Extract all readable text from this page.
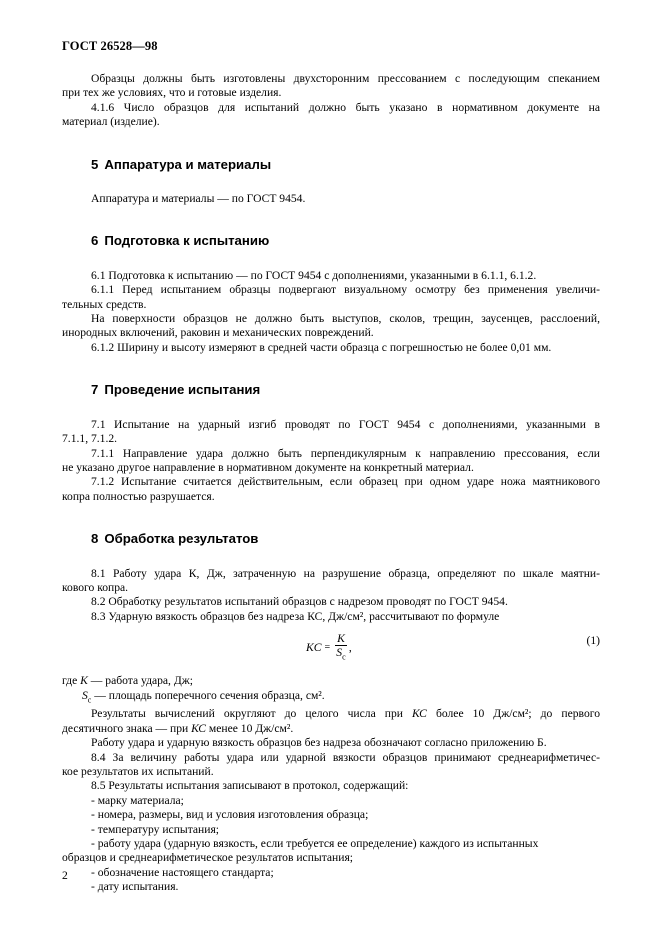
ГОСТ 26528—98

Образцы должны быть изготовлены двухсторонним прессованием с последующим спеканием

при тех же условиях, что и готовые изделия.

4.1.6 Число образцов для испытаний должно быть указано в нормативном документе на

материал (изделие).

5 Аппаратура и материалы

Аппаратура и материалы — по ГОСТ 9454.

6 Подготовка к испытанию

6.1 Подготовка к испытанию — по ГОСТ 9454 с дополнениями, указанными в 6.1.1, 6.1.2.

6.1.1 Перед испытанием образцы подвергают визуальному осмотру без применения увеличи-

тельных средств.

На поверхности образцов не должно быть выступов, сколов, трещин, заусенцев, расслоений,

инородных включений, раковин и механических повреждений.

6.1.2 Ширину и высоту измеряют в средней части образца с погрешностью не более 0,01 мм.

7 Проведение испытания

7.1 Испытание на ударный изгиб проводят по ГОСТ 9454 с дополнениями, указанными в

7.1.1, 7.1.2.

7.1.1 Направление удара должно быть перпендикулярным к направлению прессования, если

не указано другое направление в нормативном документе на конкретный материал.

7.1.2 Испытание считается действительным, если образец при одном ударе ножа маятникового

копра полностью разрушается.

8 Обработка результатов

8.1 Работу удара К, Дж, затраченную на разрушение образца, определяют по шкале маятни-

кового копра.

8.2 Обработку результатов испытаний образцов с надрезом проводят по ГОСТ 9454.

8.3 Ударную вязкость образцов без надреза КС, Дж/см², рассчитывают по формуле

KC = $\frac{K}{S_с}$ ,	(1)

где K — работа удара, Дж;

$S_с$ — площадь поперечного сечения образца, см².

Результаты вычислений округляют до целого числа при КС более 10 Дж/см²; до первого

десятичного знака — при КС менее 10 Дж/см².

Работу удара и ударную вязкость образцов без надреза обозначают согласно приложению Б.

8.4 За величину работы удара или ударной вязкости образцов принимают среднеарифметичес-

кое результатов их испытаний.

8.5 Результаты испытания записывают в протокол, содержащий:

- марку материала;

- номера, размеры, вид и условия изготовления образца;

- температуру испытания;

- работу удара (ударную вязкость, если требуется ее определение) каждого из испытанных

образцов и среднеарифметическое результатов испытания;

- обозначение настоящего стандарта;

- дату испытания.

2
